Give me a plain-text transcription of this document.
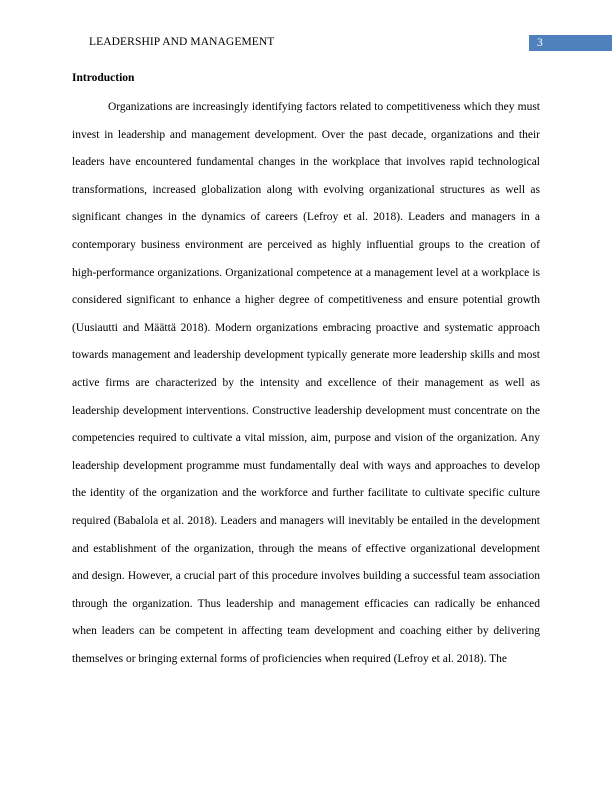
LEADERSHIP AND MANAGEMENT	3
Introduction

Organizations are increasingly identifying factors related to competitiveness which they must invest in leadership and management development. Over the past decade, organizations and their leaders have encountered fundamental changes in the workplace that involves rapid technological transformations, increased globalization along with evolving organizational structures as well as significant changes in the dynamics of careers (Lefroy et al. 2018). Leaders and managers in a contemporary business environment are perceived as highly influential groups to the creation of high-performance organizations. Organizational competence at a management level at a workplace is considered significant to enhance a higher degree of competitiveness and ensure potential growth (Uusiautti and Määttä 2018). Modern organizations embracing proactive and systematic approach towards management and leadership development typically generate more leadership skills and most active firms are characterized by the intensity and excellence of their management as well as leadership development interventions. Constructive leadership development must concentrate on the competencies required to cultivate a vital mission, aim, purpose and vision of the organization. Any leadership development programme must fundamentally deal with ways and approaches to develop the identity of the organization and the workforce and further facilitate to cultivate specific culture required (Babalola et al. 2018). Leaders and managers will inevitably be entailed in the development and establishment of the organization, through the means of effective organizational development and design. However, a crucial part of this procedure involves building a successful team association through the organization. Thus leadership and management efficacies can radically be enhanced when leaders can be competent in affecting team development and coaching either by delivering themselves or bringing external forms of proficiencies when required (Lefroy et al. 2018). The
